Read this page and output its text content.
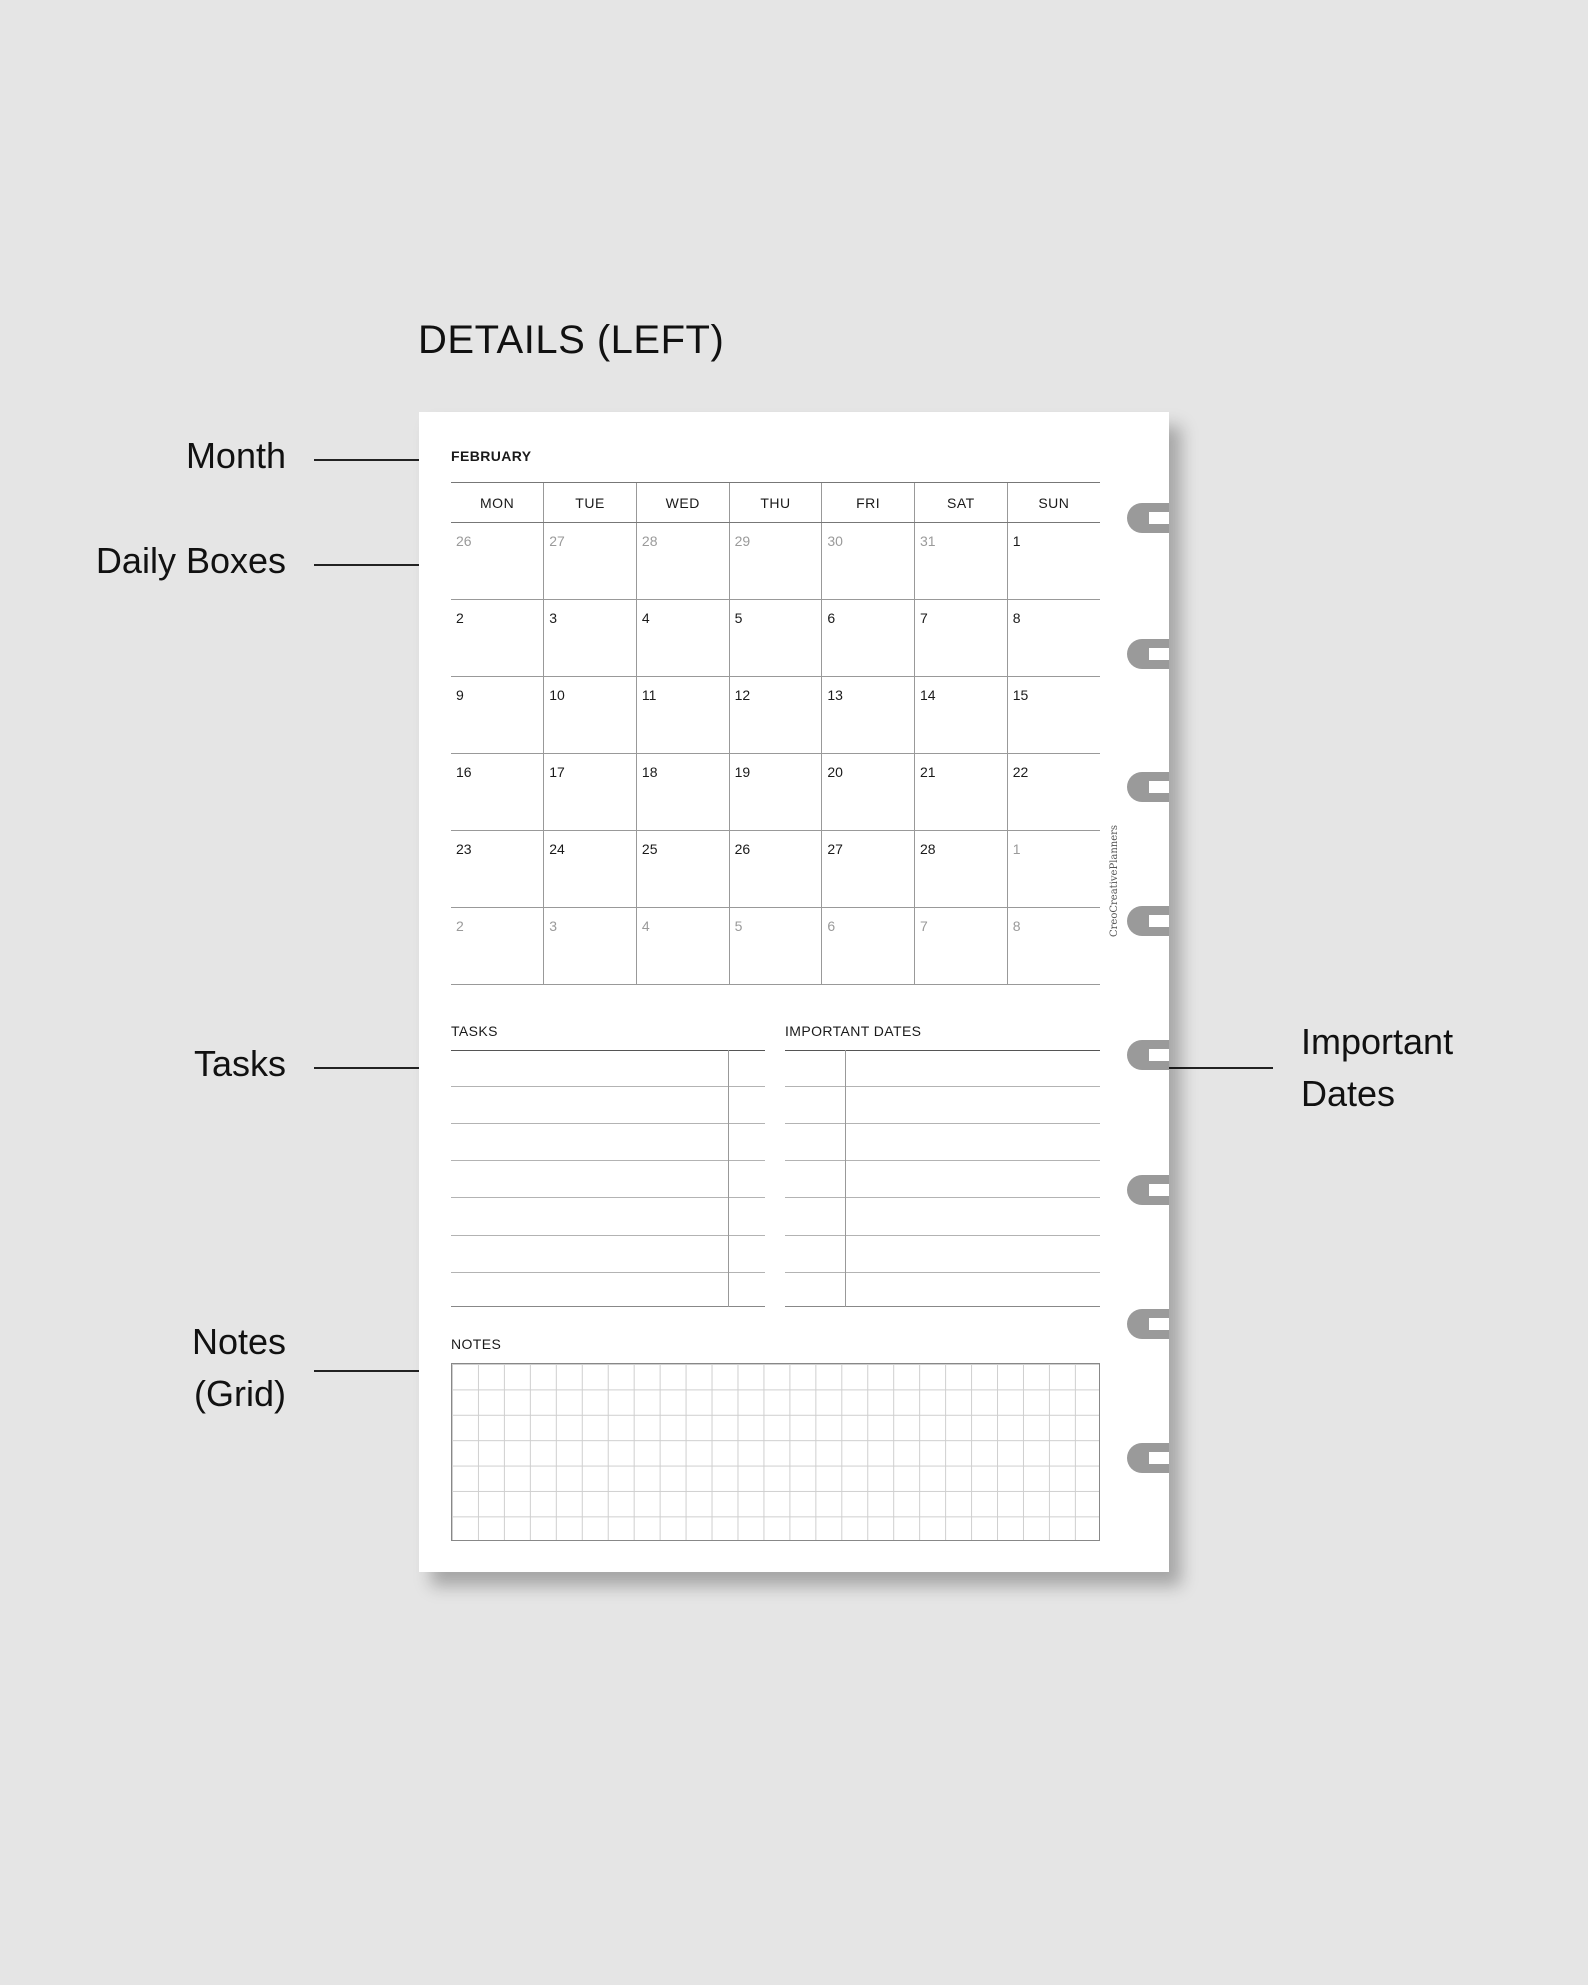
DETAILS (LEFT)
Month
Daily Boxes
Tasks
Notes
(Grid)
Important
Dates
FEBRUARY
MON	TUE	WED	THU	FRI	SAT	SUN
26	27	28	29	30	31	1
2	3	4	5	6	7	8
9	10	11	12	13	14	15
16	17	18	19	20	21	22
23	24	25	26	27	28	1
2	3	4	5	6	7	8
TASKS	IMPORTANT DATES
NOTES
CreoCreativePlanners
